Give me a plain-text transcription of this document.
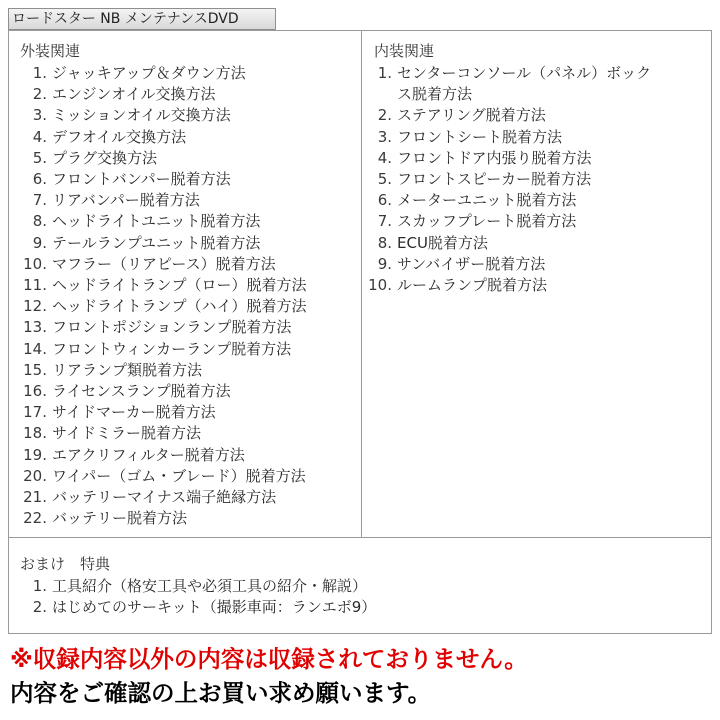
ロードスター NB メンテナンスDVD
外装関連
1. ジャッキアップ＆ダウン方法
2. エンジンオイル交換方法
3. ミッションオイル交換方法
4. デフオイル交換方法
5. プラグ交換方法
6. フロントバンパー脱着方法
7. リアバンパー脱着方法
8. ヘッドライトユニット脱着方法
9. テールランプユニット脱着方法
10. マフラー（リアピース）脱着方法
11. ヘッドライトランプ（ロー）脱着方法
12. ヘッドライトランプ（ハイ）脱着方法
13. フロントポジションランプ脱着方法
14. フロントウィンカーランプ脱着方法
15. リアランプ類脱着方法
16. ライセンスランプ脱着方法
17. サイドマーカー脱着方法
18. サイドミラー脱着方法
19. エアクリフィルター脱着方法
20. ワイパー（ゴム・ブレード）脱着方法
21. バッテリーマイナス端子絶縁方法
22. バッテリー脱着方法
内装関連
1. センターコンソール（パネル）ボック
ス脱着方法
2. ステアリング脱着方法
3. フロントシート脱着方法
4. フロントドア内張り脱着方法
5. フロントスピーカー脱着方法
6. メーターユニット脱着方法
7. スカッフプレート脱着方法
8. ECU脱着方法
9. サンバイザー脱着方法
10. ルームランプ脱着方法
おまけ　特典
1. 工具紹介（格安工具や必須工具の紹介・解説）
2. はじめてのサーキット（撮影車両：ランエボ9）
※収録内容以外の内容は収録されておりません。
内容をご確認の上お買い求め願います。
